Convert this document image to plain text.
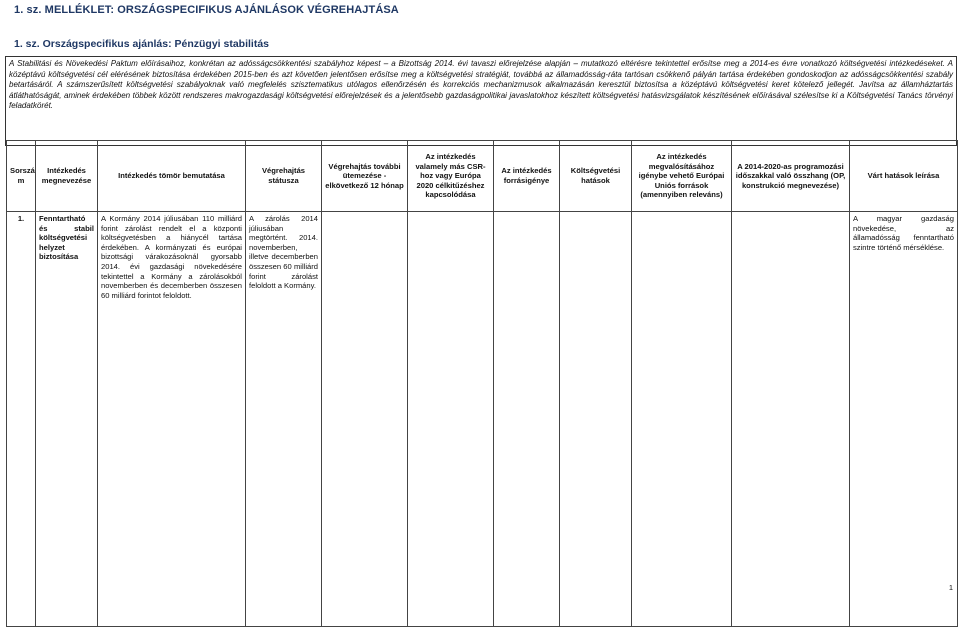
1. sz. MELLÉKLET: ORSZÁGSPECIFIKUS AJÁNLÁSOK VÉGREHAJTÁSA
1. sz. Országspecifikus ajánlás: Pénzügyi stabilitás
A Stabilitási és Növekedési Paktum előírásaihoz, konkrétan az adósságcsökkentési szabályhoz képest – a Bizottság 2014. évi tavaszi előrejelzése alapján – mutatkozó eltérésre tekintettel erősítse meg a 2014-es évre vonatkozó költségvetési intézkedéseket. A középtávú költségvetési cél elérésének biztosítása érdekében 2015-ben és azt követően jelentősen erősítse meg a költségvetési stratégiát, továbbá az államadósság-ráta tartósan csökkenő pályán tartása érdekében gondoskodjon az adósságcsökkentési szabály betartásáról. A számszerűsített költségvetési szabályoknak való megfelelés szisztematikus utólagos ellenőrzésén és korrekciós mechanizmusok alkalmazásán keresztül biztosítsa a középtávú költségvetési keret kötelező jellegét. Javítsa az államháztartás átláthatóságát, aminek érdekében többek között rendszeres makrogazdasági költségvetési előrejelzések és a jelentősebb gazdaságpolitikai javaslatokhoz készített költségvetési hatásvizsgálatok készítésének előírásával szélesítse ki a Költségvetési Tanács törvényi feladatkörét.
Sorszá m	Intézkedés megnevezése	Intézkedés tömör bemutatása	Végrehajtás státusza	Végrehajtás további ütemezése - elkövetkező 12 hónap	Az intézkedés valamely más CSR-hoz vagy Európa 2020 célkitűzéshez kapcsolódása	Az intézkedés forrásigénye	Költségvetési hatások	Az intézkedés megvalósításához igénybe vehető Európai Uniós források (amennyiben releváns)	A 2014-2020-as programozási időszakkal való összhang (OP, konstrukció megnevezése)	Várt hatások leírása
1.	Fenntartható és stabil költségvetési helyzet biztosítása	A Kormány 2014 júliusában 110 milliárd forint zárolást rendelt el a központi költségvetésben a hiánycél tartása érdekében. A kormányzati és európai bizottsági várakozásoknál gyorsabb 2014. évi gazdasági növekedésére tekintettel a Kormány a zárolásokból novemberben és decemberben összesen 60 milliárd forintot feloldott.	A zárolás 2014 júliusában megtörtént. 2014. novemberben, illetve decemberben összesen 60 milliárd forint zárolást feloldott a Kormány.							A magyar gazdaság növekedése, az államadósság fenntartható szintre történő mérséklése.
1
